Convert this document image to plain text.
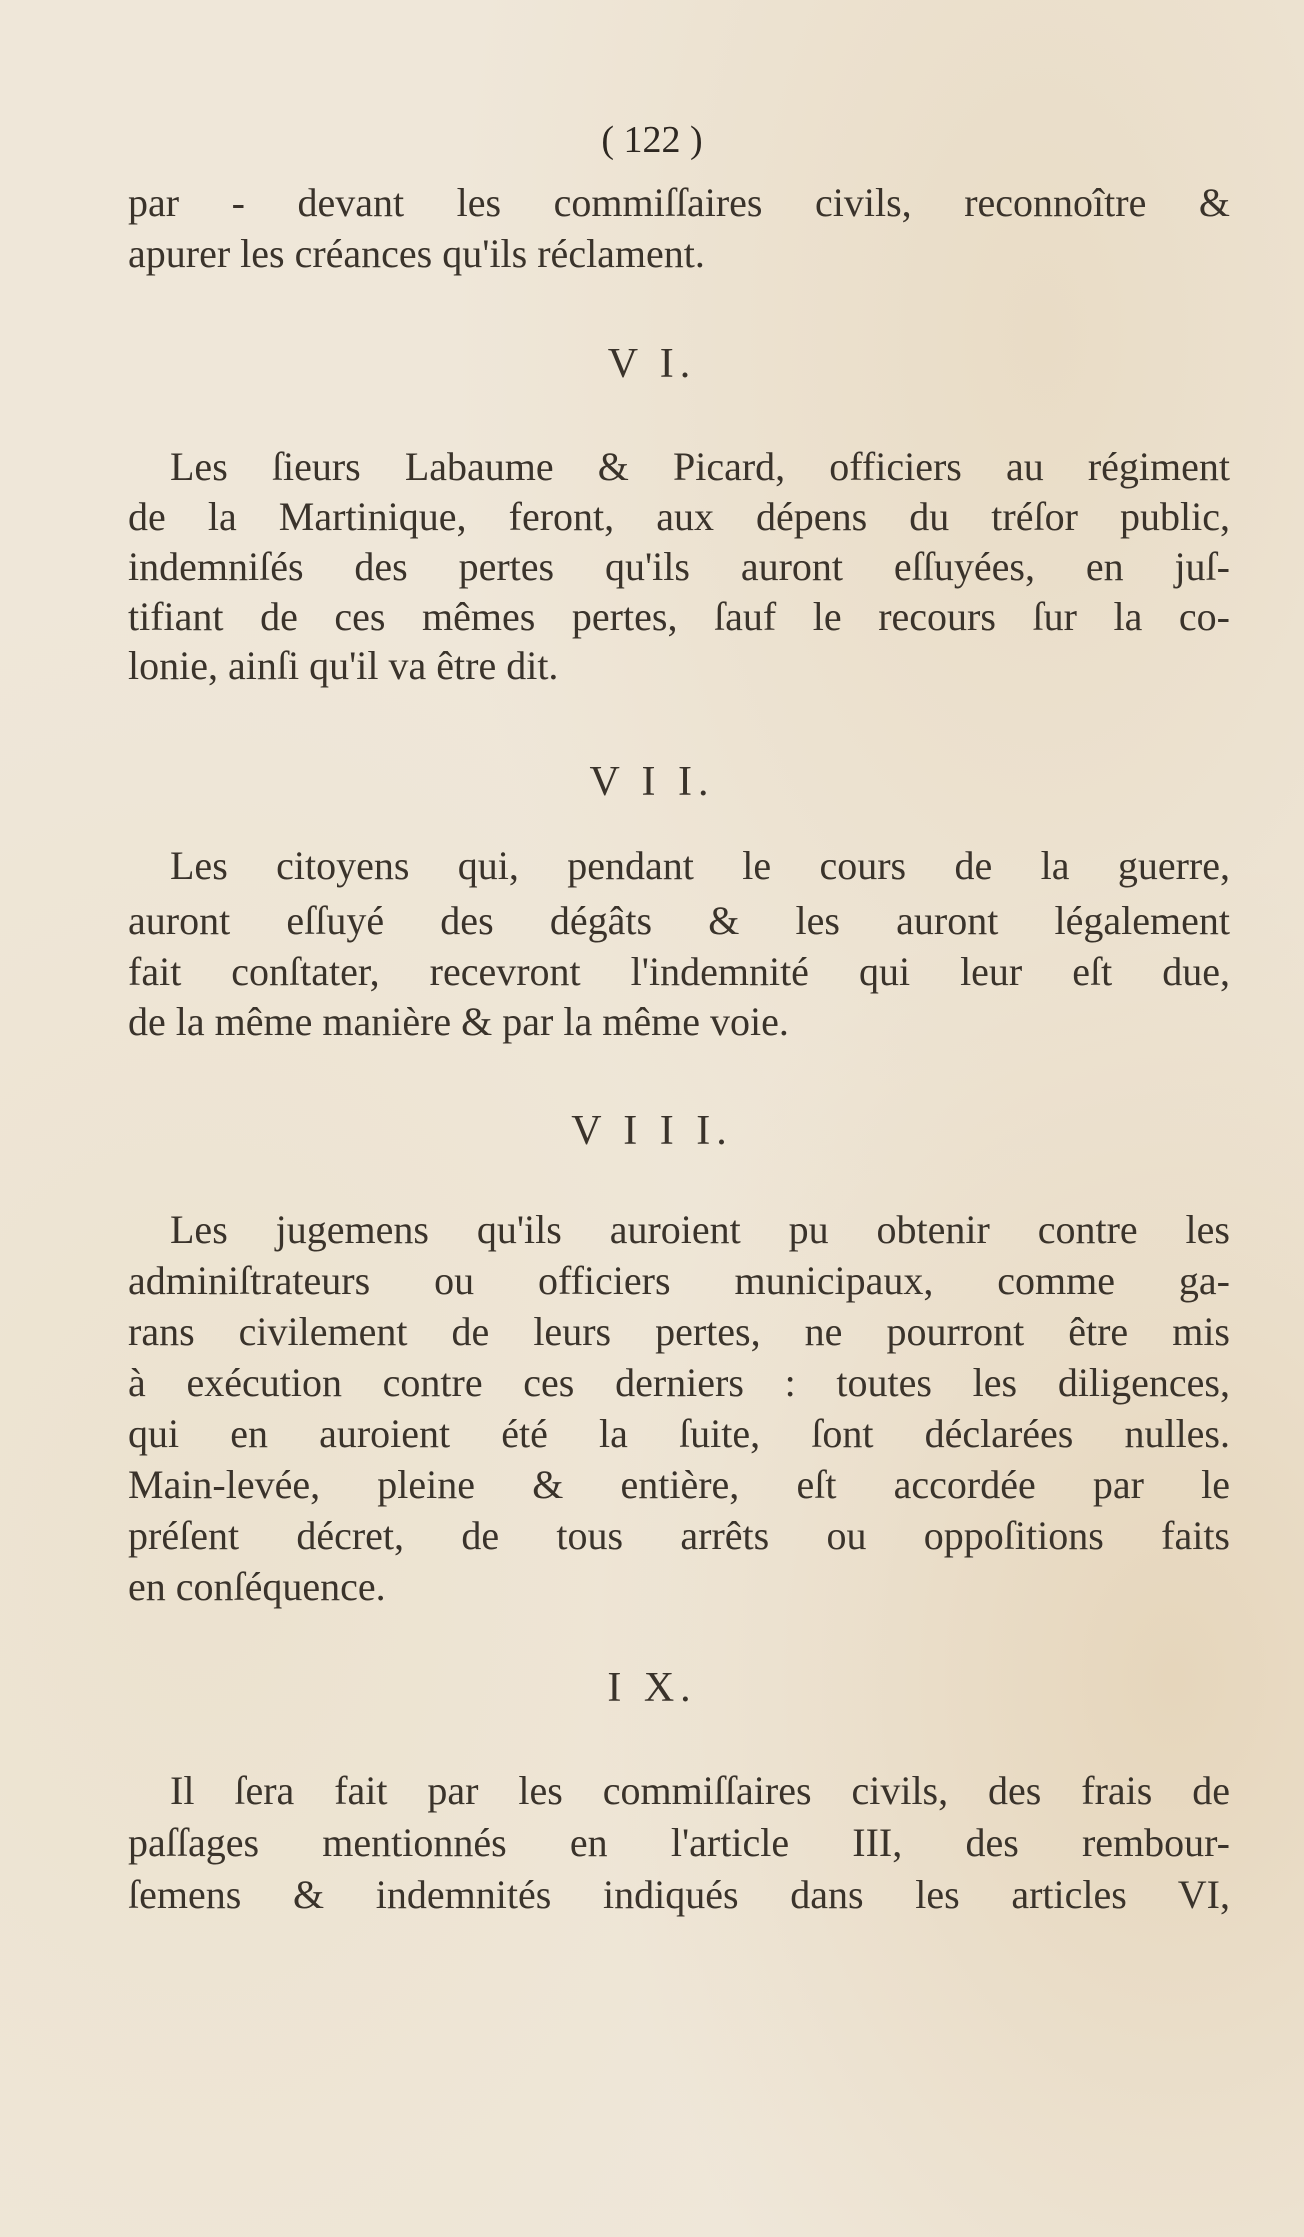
( 122 )
par - devant les commiſſaires civils, reconnoître &
apurer les créances qu'ils réclament.
V I.
Les ſieurs Labaume & Picard, officiers au régiment
de la Martinique, feront, aux dépens du tréſor public,
indemniſés des pertes qu'ils auront eſſuyées, en juſ-
tifiant de ces mêmes pertes, ſauf le recours ſur la co-
lonie, ainſi qu'il va être dit.
V I I.
Les citoyens qui, pendant le cours de la guerre,
auront eſſuyé des dégâts & les auront légalement
fait conſtater, recevront l'indemnité qui leur eſt due,
de la même manière & par la même voie.
V I I I.
Les jugemens qu'ils auroient pu obtenir contre les
adminiſtrateurs ou officiers municipaux, comme ga-
rans civilement de leurs pertes, ne pourront être mis
à exécution contre ces derniers : toutes les diligences,
qui en auroient été la ſuite, ſont déclarées nulles.
Main-levée, pleine & entière, eſt accordée par le
préſent décret, de tous arrêts ou oppoſitions faits
en conſéquence.
I X.
Il ſera fait par les commiſſaires civils, des frais de
paſſages mentionnés en l'article III, des rembour-
ſemens & indemnités indiqués dans les articles VI,
